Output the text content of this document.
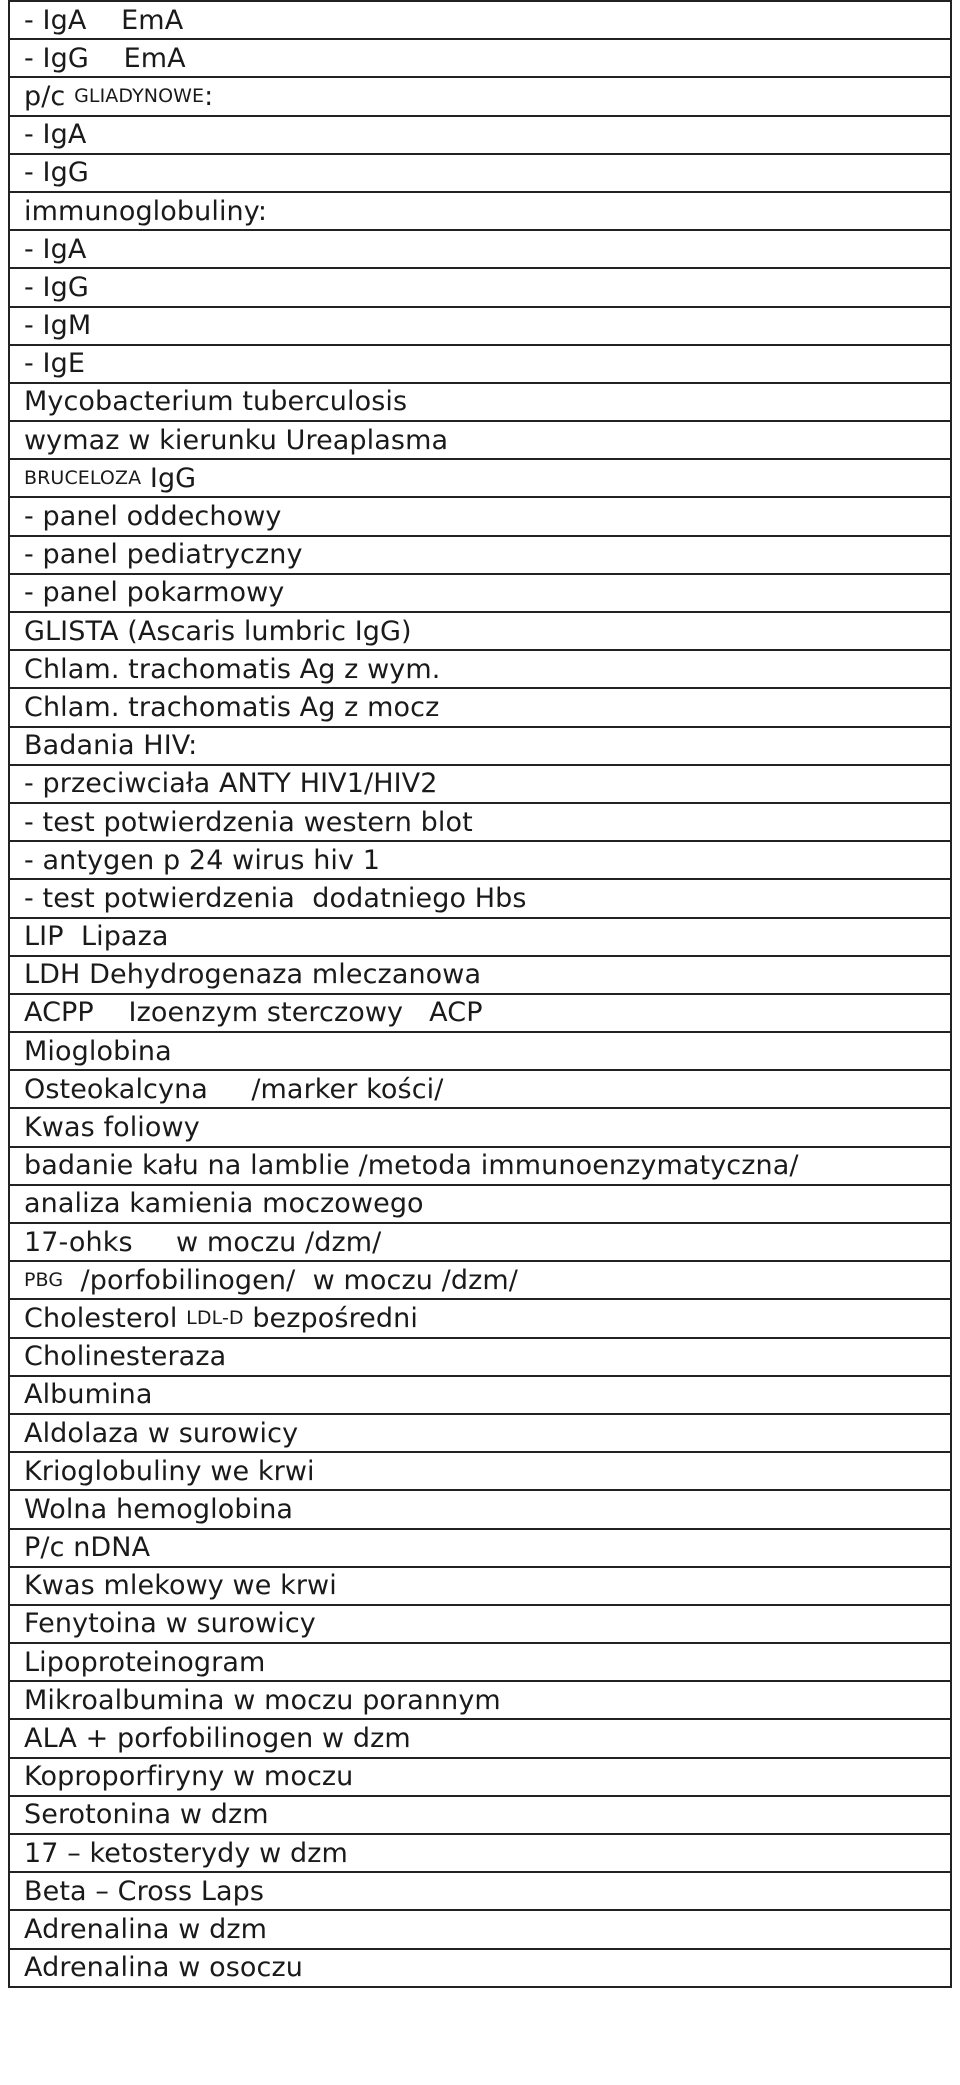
- IgA    EmA
- IgG    EmA
p/c GLIADYNOWE :
- IgA
- IgG
immunoglobuliny:
- IgA
- IgG
- IgM
- IgE
Mycobacterium tuberculosis
wymaz w kierunku Ureaplasma
BRUCELOZA IgG
- panel oddechowy
- panel pediatryczny
- panel pokarmowy
GLISTA (Ascaris lumbric IgG)
Chlam. trachomatis Ag z wym.
Chlam. trachomatis Ag z mocz
Badania HIV:
- przeciwciała ANTY HIV1/HIV2
- test potwierdzenia western blot
- antygen p 24 wirus hiv 1
- test potwierdzenia  dodatniego Hbs
LIP  Lipaza
LDH Dehydrogenaza mleczanowa
ACPP    Izoenzym sterczowy   ACP
Mioglobina
Osteokalcyna     /marker kości/
Kwas foliowy
badanie kału na lamblie /metoda immunoenzymatyczna/
analiza kamienia moczowego
17-ohks     w moczu /dzm/
PBG /porfobilinogen/  w moczu /dzm/
Cholesterol LDL-D bezpośredni
Cholinesteraza
Albumina
Aldolaza w surowicy
Krioglobuliny we krwi
Wolna hemoglobina
P/c nDNA
Kwas mlekowy we krwi
Fenytoina w surowicy
Lipoproteinogram
Mikroalbumina w moczu porannym
ALA + porfobilinogen w dzm
Koproporfiryny w moczu
Serotonina w dzm
17 – ketosterydy w dzm
Beta – Cross Laps
Adrenalina w dzm
Adrenalina w osoczu
